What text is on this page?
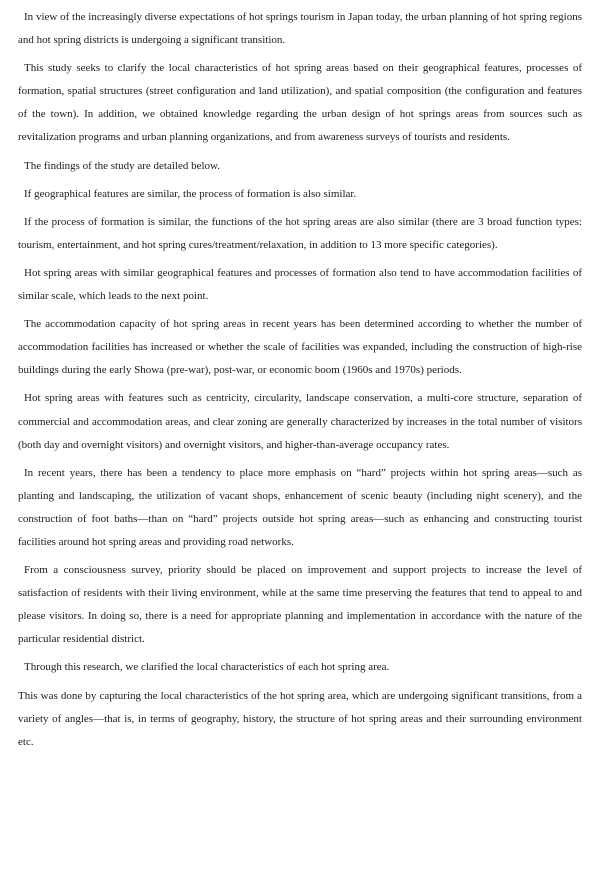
In view of the increasingly diverse expectations of hot springs tourism in Japan today, the urban planning of hot spring regions and hot spring districts is undergoing a significant transition.

This study seeks to clarify the local characteristics of hot spring areas based on their geographical features, processes of formation, spatial structures (street configuration and land utilization), and spatial composition (the configuration and features of the town). In addition, we obtained knowledge regarding the urban design of hot springs areas from sources such as revitalization programs and urban planning organizations, and from awareness surveys of tourists and residents.

The findings of the study are detailed below.

If geographical features are similar, the process of formation is also similar.

If the process of formation is similar, the functions of the hot spring areas are also similar (there are 3 broad function types: tourism, entertainment, and hot spring cures/treatment/relaxation, in addition to 13 more specific categories).

Hot spring areas with similar geographical features and processes of formation also tend to have accommodation facilities of similar scale, which leads to the next point.

The accommodation capacity of hot spring areas in recent years has been determined according to whether the number of accommodation facilities has increased or whether the scale of facilities was expanded, including the construction of high-rise buildings during the early Showa (pre-war), post-war, or economic boom (1960s and 1970s) periods.

Hot spring areas with features such as centricity, circularity, landscape conservation, a multi-core structure, separation of commercial and accommodation areas, and clear zoning are generally characterized by increases in the total number of visitors (both day and overnight visitors) and overnight visitors, and higher-than-average occupancy rates.

In recent years, there has been a tendency to place more emphasis on “hard” projects within hot spring areas—such as planting and landscaping, the utilization of vacant shops, enhancement of scenic beauty (including night scenery), and the construction of foot baths—than on “hard” projects outside hot spring areas—such as enhancing and constructing tourist facilities around hot spring areas and providing road networks.

From a consciousness survey, priority should be placed on improvement and support projects to increase the level of satisfaction of residents with their living environment, while at the same time preserving the features that tend to appeal to and please visitors. In doing so, there is a need for appropriate planning and implementation in accordance with the nature of the particular residential district.

Through this research, we clarified the local characteristics of each hot spring area.

This was done by capturing the local characteristics of the hot spring area, which are undergoing significant transitions, from a variety of angles—that is, in terms of geography, history, the structure of hot spring areas and their surrounding environment etc.
